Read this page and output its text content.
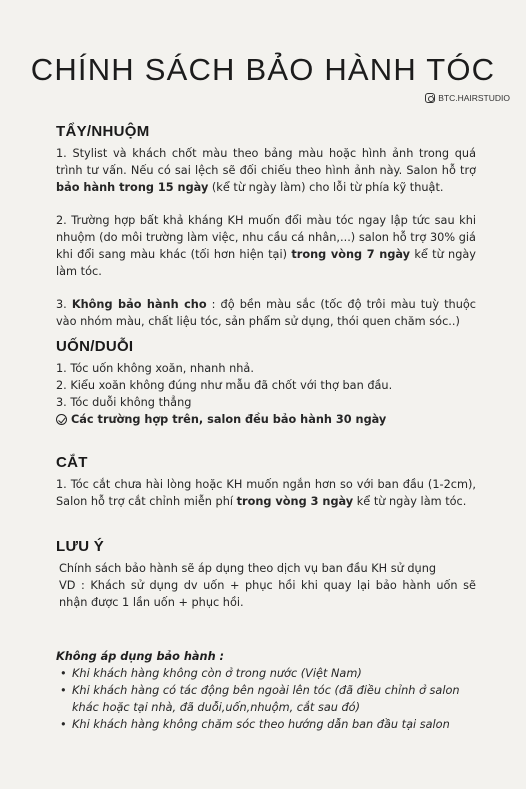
CHÍNH SÁCH BẢO HÀNH TÓC
BTC.HAIRSTUDIO
TẨY/NHUỘM

1. Stylist và khách chốt màu theo bảng màu hoặc hình ảnh trong quá trình tư vấn. Nếu có sai lệch sẽ đối chiếu theo hình ảnh này. Salon hỗ trợ bảo hành trong 15 ngày (kể từ ngày làm) cho lỗi từ phía kỹ thuật.

2. Trường hợp bất khả kháng KH muốn đổi màu tóc ngay lập tức sau khi nhuộm (do môi trường làm việc, nhu cầu cá nhân,...) salon hỗ trợ 30% giá khi đổi sang màu khác (tối hơn hiện tại) trong vòng 7 ngày kể từ ngày làm tóc.

3. Không bảo hành cho : độ bền màu sắc (tốc độ trôi màu tuỳ thuộc vào nhóm màu, chất liệu tóc, sản phẩm sử dụng, thói quen chăm sóc..)

UỐN/DUỖI

1. Tóc uốn không xoăn, nhanh nhả.

2. Kiểu xoăn không đúng như mẫu đã chốt với thợ ban đầu.

3. Tóc duỗi không thẳng

Các trường hợp trên, salon đều bảo hành 30 ngày

CẮT

1. Tóc cắt chưa hài lòng hoặc KH muốn ngắn hơn so với ban đầu (1-2cm), Salon hỗ trợ cắt chỉnh miễn phí trong vòng 3 ngày kể từ ngày làm tóc.

LƯU Ý

Chính sách bảo hành sẽ áp dụng theo dịch vụ ban đầu KH sử dụng

VD : Khách sử dụng dv uốn + phục hồi khi quay lại bảo hành uốn sẽ nhận được 1 lần uốn + phục hồi.

Không áp dụng bảo hành :
• Khi khách hàng không còn ở trong nước (Việt Nam)
• Khi khách hàng có tác động bên ngoài lên tóc (đã điều chỉnh ở salon khác hoặc tại nhà, đã duỗi,uốn,nhuộm, cắt sau đó)
• Khi khách hàng không chăm sóc theo hướng dẫn ban đầu tại salon
